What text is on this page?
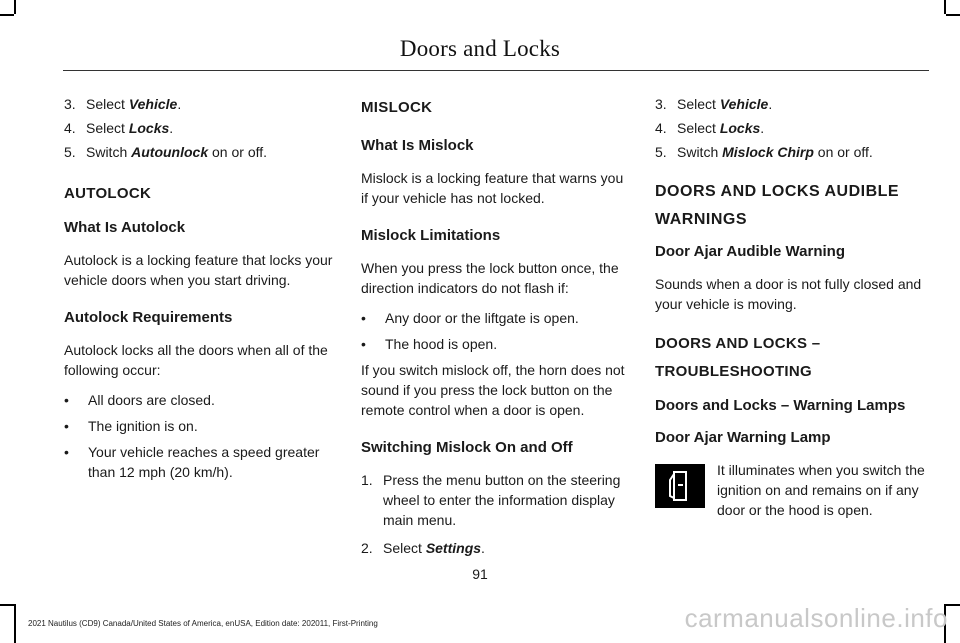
Doors and Locks
3. Select Vehicle.
4. Select Locks.
5. Switch Autounlock on or off.
AUTOLOCK
What Is Autolock

Autolock is a locking feature that locks your vehicle doors when you start driving.

Autolock Requirements

Autolock locks all the doors when all of the following occur:

•	All doors are closed.
•	The ignition is on.
•	Your vehicle reaches a speed greater than 12 mph (20 km/h).
MISLOCK
What Is Mislock

Mislock is a locking feature that warns you if your vehicle has not locked.

Mislock Limitations

When you press the lock button once, the direction indicators do not flash if:

•	Any door or the liftgate is open.
•	The hood is open.

If you switch mislock off, the horn does not sound if you press the lock button on the remote control when a door is open.

Switching Mislock On and Off
1. Press the menu button on the steering wheel to enter the information display main menu.
2. Select Settings.
3. Select Vehicle.
4. Select Locks.
5. Switch Mislock Chirp on or off.
DOORS AND LOCKS AUDIBLE
WARNINGS
Door Ajar Audible Warning

Sounds when a door is not fully closed and your vehicle is moving.

DOORS AND LOCKS –
TROUBLESHOOTING
Doors and Locks – Warning Lamps
Door Ajar Warning Lamp
It illuminates when you switch the ignition on and remains on if any door or the hood is open.
91
2021 Nautilus (CD9) Canada/United States of America, enUSA, Edition date: 202011, First-Printing	carmanualsonline.info
